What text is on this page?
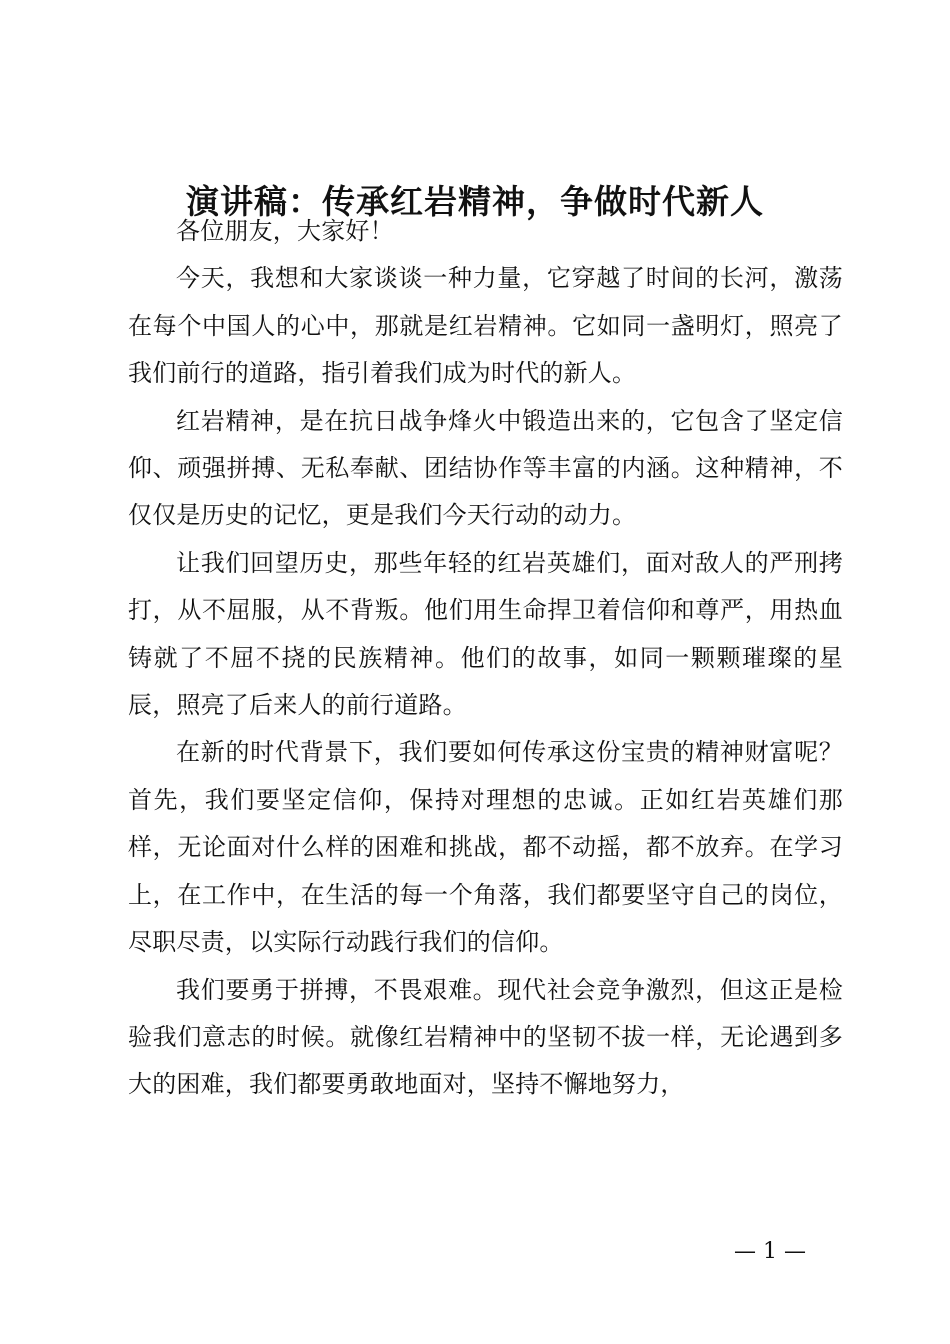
演讲稿：传承红岩精神，争做时代新人

各位朋友，大家好！

今天，我想和大家谈谈一种力量，它穿越了时间的长河，激荡在每个中国人的心中，那就是红岩精神。它如同一盏明灯，照亮了我们前行的道路，指引着我们成为时代的新人。

红岩精神，是在抗日战争烽火中锻造出来的，它包含了坚定信仰、顽强拼搏、无私奉献、团结协作等丰富的内涵。这种精神，不仅仅是历史的记忆，更是我们今天行动的动力。

让我们回望历史，那些年轻的红岩英雄们，面对敌人的严刑拷打，从不屈服，从不背叛。他们用生命捍卫着信仰和尊严，用热血铸就了不屈不挠的民族精神。他们的故事，如同一颗颗璀璨的星辰，照亮了后来人的前行道路。

在新的时代背景下，我们要如何传承这份宝贵的精神财富呢？首先，我们要坚定信仰，保持对理想的忠诚。正如红岩英雄们那样，无论面对什么样的困难和挑战，都不动摇，都不放弃。在学习上，在工作中，在生活的每一个角落，我们都要坚守自己的岗位，尽职尽责，以实际行动践行我们的信仰。

我们要勇于拼搏，不畏艰难。现代社会竞争激烈，但这正是检验我们意志的时候。就像红岩精神中的坚韧不拔一样，无论遇到多大的困难，我们都要勇敢地面对，坚持不懈地努力，

— 1 —
